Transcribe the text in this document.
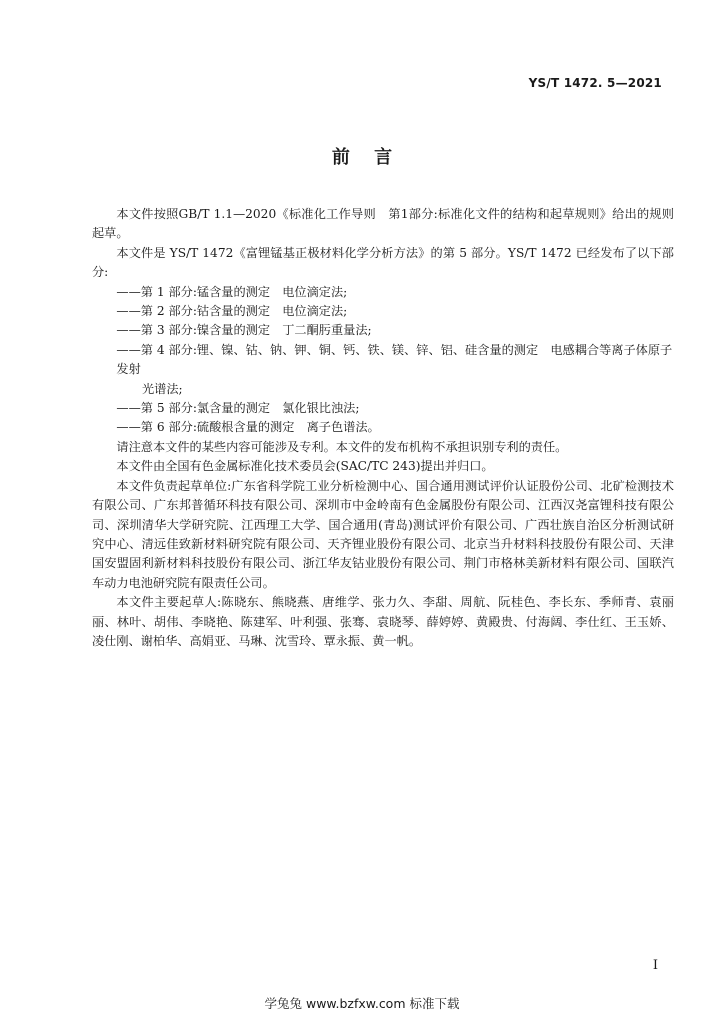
YS/T 1472. 5—2021
前 言

本文件按照GB/T 1.1—2020《标准化工作导则　第1部分:标准化文件的结构和起草规则》给出的规则起草。

本文件是 YS/T 1472《富锂锰基正极材料化学分析方法》的第 5 部分。YS/T 1472 已经发布了以下部分:

——第 1 部分:锰含量的测定　电位滴定法;
——第 2 部分:钴含量的测定　电位滴定法;
——第 3 部分:镍含量的测定　丁二酮肟重量法;
——第 4 部分:锂、镍、钴、钠、钾、铜、钙、铁、镁、锌、铝、硅含量的测定　电感耦合等离子体原子发射
光谱法;
——第 5 部分:氯含量的测定　氯化银比浊法;
——第 6 部分:硫酸根含量的测定　离子色谱法。

请注意本文件的某些内容可能涉及专利。本文件的发布机构不承担识别专利的责任。

本文件由全国有色金属标准化技术委员会(SAC/TC 243)提出并归口。

本文件负责起草单位:广东省科学院工业分析检测中心、国合通用测试评价认证股份公司、北矿检测技术有限公司、广东邦普循环科技有限公司、深圳市中金岭南有色金属股份有限公司、江西汉尧富锂科技有限公司、深圳清华大学研究院、江西理工大学、国合通用(青岛)测试评价有限公司、广西壮族自治区分析测试研究中心、清远佳致新材料研究院有限公司、天齐锂业股份有限公司、北京当升材料科技股份有限公司、天津国安盟固利新材料科技股份有限公司、浙江华友钴业股份有限公司、荆门市格林美新材料有限公司、国联汽车动力电池研究院有限责任公司。

本文件主要起草人:陈晓东、熊晓燕、唐维学、张力久、李甜、周航、阮桂色、李长东、季师青、袁丽丽、林叶、胡伟、李晓艳、陈建军、叶利强、张骞、袁晓琴、薛婷婷、黄殿贵、付海阔、李仕红、王玉娇、凌仕刚、谢柏华、高娟亚、马琳、沈雪玲、覃永振、黄一帆。

I
学兔兔 www.bzfxw.com 标准下载
